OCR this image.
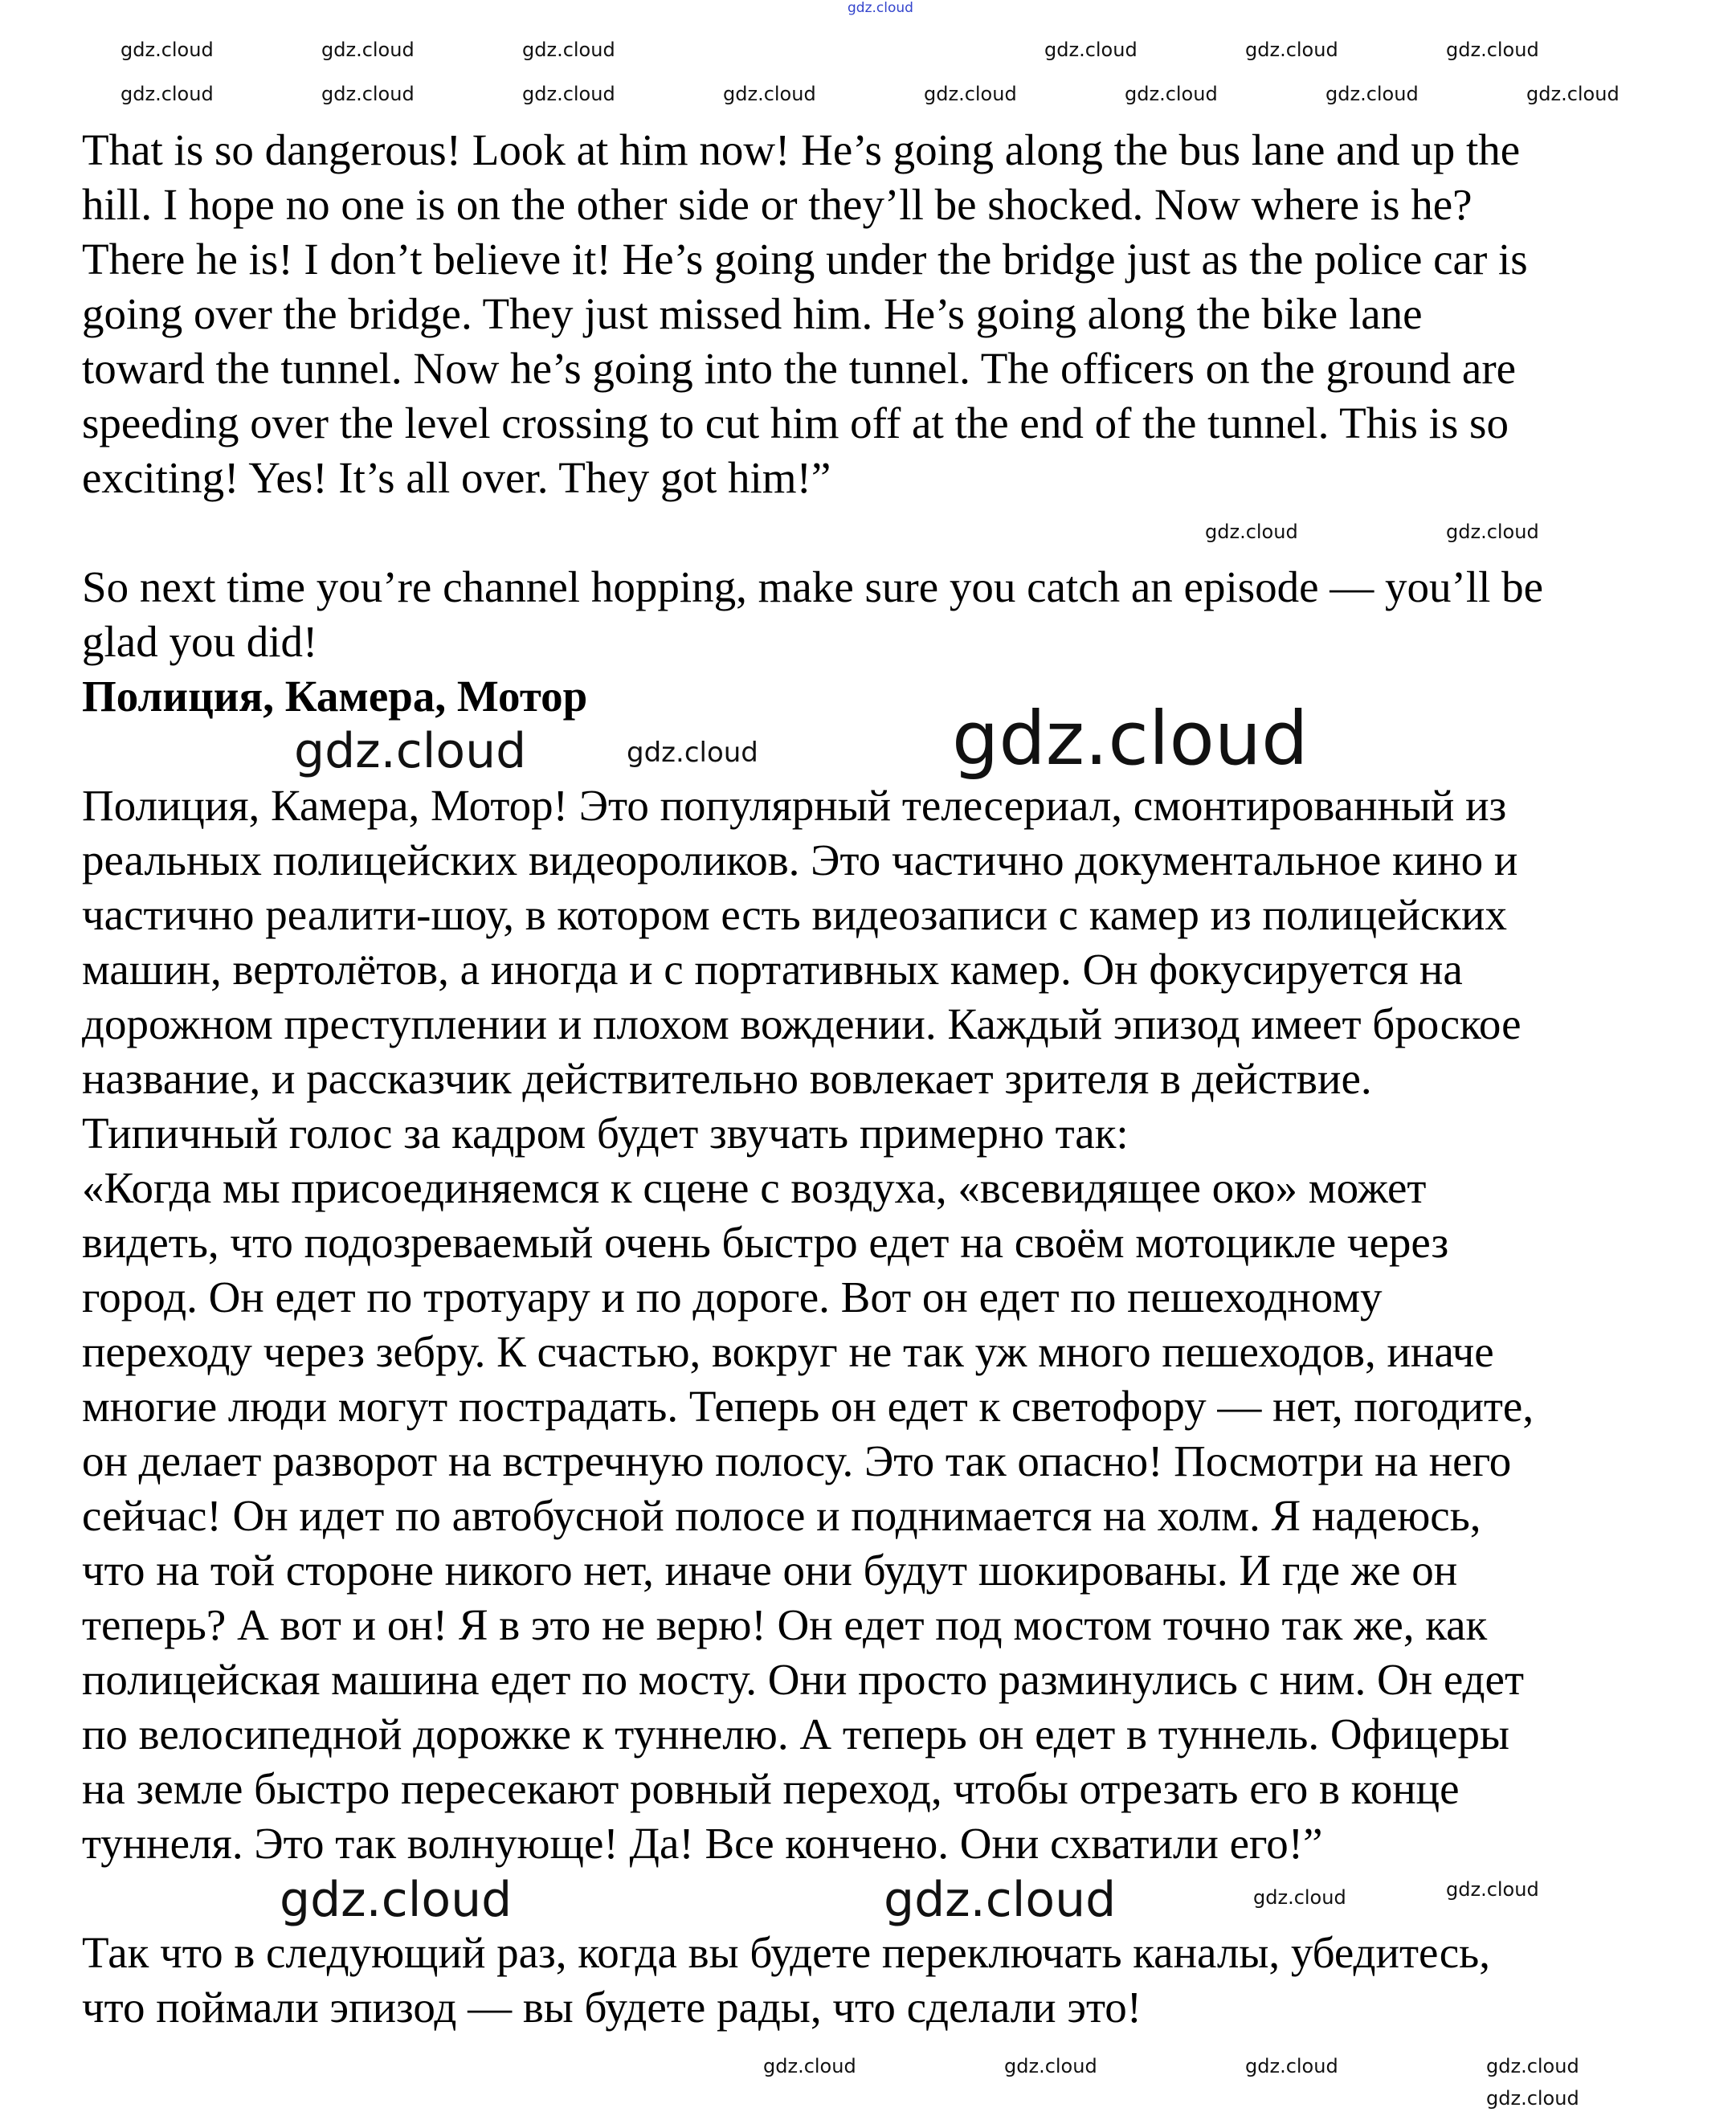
gdz.cloud
That is so dangerous! Look at him now! He’s going along the bus lane and up the
hill. I hope no one is on the other side or they’ll be shocked. Now where is he?
There he is! I don’t believe it! He’s going under the bridge just as the police car is
going over the bridge. They just missed him. He’s going along the bike lane
toward the tunnel. Now he’s going into the tunnel. The officers on the ground are
speeding over the level crossing to cut him off at the end of the tunnel. This is so
exciting! Yes! It’s all over. They got him!”
So next time you’re channel hopping, make sure you catch an episode — you’ll be
glad you did!
Полиция, Камера, Мотор
Полиция, Камера, Мотор! Это популярный телесериал, смонтированный из
реальных полицейских видеороликов. Это частично документальное кино и
частично реалити-шоу, в котором есть видеозаписи с камер из полицейских
машин, вертолётов, а иногда и с портативных камер. Он фокусируется на
дорожном преступлении и плохом вождении. Каждый эпизод имеет броское
название, и рассказчик действительно вовлекает зрителя в действие.
Типичный голос за кадром будет звучать примерно так:
«Когда мы присоединяемся к сцене с воздуха, «всевидящее око» может
видеть, что подозреваемый очень быстро едет на своём мотоцикле через
город. Он едет по тротуару и по дороге. Вот он едет по пешеходному
переходу через зебру. К счастью, вокруг не так уж много пешеходов, иначе
многие люди могут пострадать. Теперь он едет к светофору — нет, погодите,
он делает разворот на встречную полосу. Это так опасно! Посмотри на него
сейчас! Он идет по автобусной полосе и поднимается на холм. Я надеюсь,
что на той стороне никого нет, иначе они будут шокированы. И где же он
теперь? А вот и он! Я в это не верю! Он едет под мостом точно так же, как
полицейская машина едет по мосту. Они просто разминулись с ним. Он едет
по велосипедной дорожке к туннелю. А теперь он едет в туннель. Офицеры
на земле быстро пересекают ровный переход, чтобы отрезать его в конце
туннеля. Это так волнующе! Да! Все кончено. Они схватили его!”
Так что в следующий раз, когда вы будете переключать каналы, убедитесь,
что поймали эпизод — вы будете рады, что сделали это!
gdz.cloud	gdz.cloud	gdz.cloud	gdz.cloud	gdz.cloud	gdz.cloud
gdz.cloud	gdz.cloud	gdz.cloud	gdz.cloud	gdz.cloud	gdz.cloud	gdz.cloud	gdz.cloud
gdz.cloud	gdz.cloud
gdz.cloud	gdz.cloud
gdz.cloud
gdz.cloud
gdz.cloud	gdz.cloud	gdz.cloud
gdz.cloud
gdz.cloud
gdz.cloud
gdz.cloud
gdz.cloud
